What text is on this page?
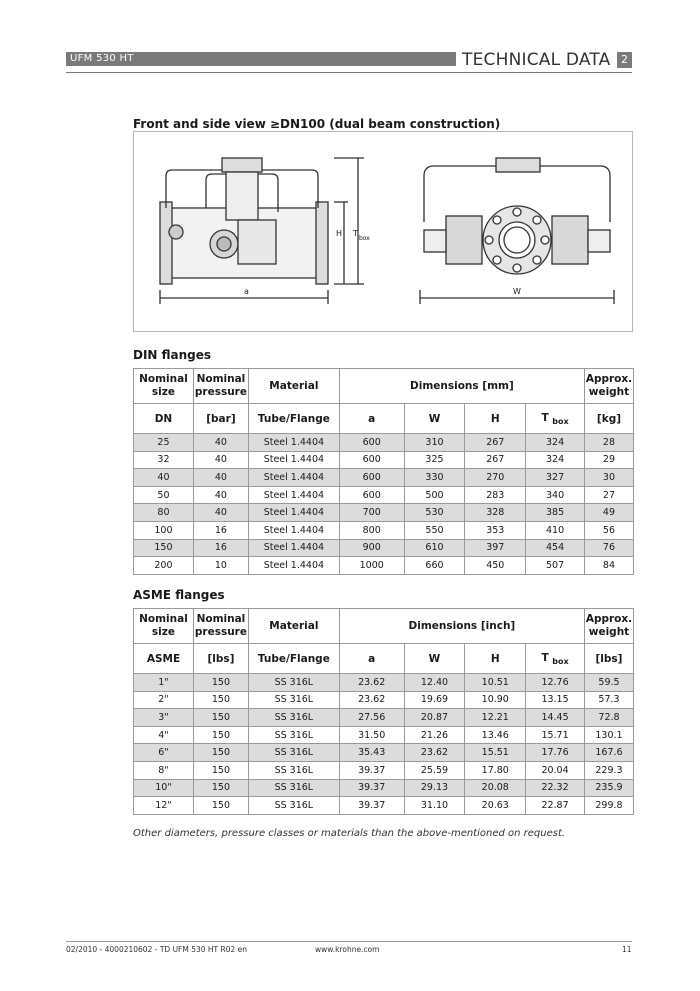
UFM 530 HT	TECHNICAL DATA 2
Front and side view ≥DN100 (dual beam construction)
a
H T
box
W
DIN flanges
Nominal size	Nominal pressure	Material	Dimensions [mm]				Approx. weight
DN	[bar]	Tube/Flange	a	W	H	T $_{box}$	[kg]
25	40	Steel 1.4404	600	310	267	324	28
32	40	Steel 1.4404	600	325	267	324	29
40	40	Steel 1.4404	600	330	270	327	30
50	40	Steel 1.4404	600	500	283	340	27
80	40	Steel 1.4404	700	530	328	385	49
100	16	Steel 1.4404	800	550	353	410	56
150	16	Steel 1.4404	900	610	397	454	76
200	10	Steel 1.4404	1000	660	450	507	84
ASME flanges
Nominal size	Nominal pressure	Material	Dimensions [inch]				Approx. weight
ASME	[lbs]	Tube/Flange	a	W	H	T $_{box}$	[lbs]
1"	150	SS 316L	23.62	12.40	10.51	12.76	59.5
2"	150	SS 316L	23.62	19.69	10.90	13.15	57.3
3"	150	SS 316L	27.56	20.87	12.21	14.45	72.8
4"	150	SS 316L	31.50	21.26	13.46	15.71	130.1
6"	150	SS 316L	35.43	23.62	15.51	17.76	167.6
8"	150	SS 316L	39.37	25.59	17.80	20.04	229.3
10"	150	SS 316L	39.37	29.13	20.08	22.32	235.9
12"	150	SS 316L	39.37	31.10	20.63	22.87	299.8
Other diameters, pressure classes or materials than the above-mentioned on request.
02/2010 - 4000210602 - TD UFM 530 HT R02 en	www.krohne.com	11
